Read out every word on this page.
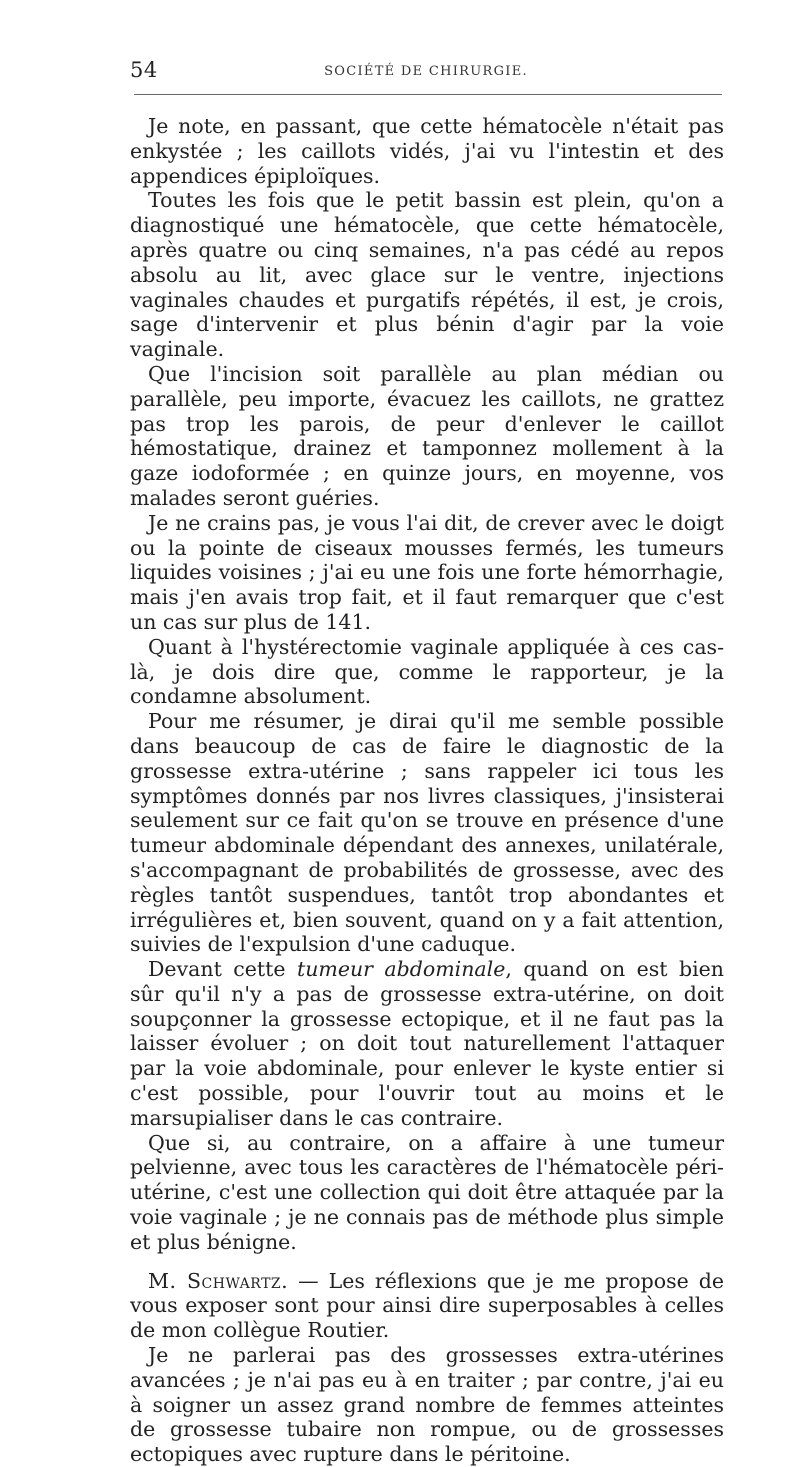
54	SOCIÉTÉ DE CHIRURGIE.

Je note, en passant, que cette hématocèle n'était pas enkystée ; les caillots vidés, j'ai vu l'intestin et des appendices épiploïques.

Toutes les fois que le petit bassin est plein, qu'on a diagnostiqué une hématocèle, que cette hématocèle, après quatre ou cinq semaines, n'a pas cédé au repos absolu au lit, avec glace sur le ventre, injections vaginales chaudes et purgatifs répétés, il est, je crois, sage d'intervenir et plus bénin d'agir par la voie vaginale.

Que l'incision soit parallèle au plan médian ou parallèle, peu importe, évacuez les caillots, ne grattez pas trop les parois, de peur d'enlever le caillot hémostatique, drainez et tamponnez mollement à la gaze iodoformée ; en quinze jours, en moyenne, vos malades seront guéries.

Je ne crains pas, je vous l'ai dit, de crever avec le doigt ou la pointe de ciseaux mousses fermés, les tumeurs liquides voisines ; j'ai eu une fois une forte hémorrhagie, mais j'en avais trop fait, et il faut remarquer que c'est un cas sur plus de 141.

Quant à l'hystérectomie vaginale appliquée à ces cas-là, je dois dire que, comme le rapporteur, je la condamne absolument.

Pour me résumer, je dirai qu'il me semble possible dans beaucoup de cas de faire le diagnostic de la grossesse extra-utérine ; sans rappeler ici tous les symptômes donnés par nos livres classiques, j'insisterai seulement sur ce fait qu'on se trouve en présence d'une tumeur abdominale dépendant des annexes, unilatérale, s'accompagnant de probabilités de grossesse, avec des règles tantôt suspendues, tantôt trop abondantes et irrégulières et, bien souvent, quand on y a fait attention, suivies de l'expulsion d'une caduque.

Devant cette tumeur abdominale, quand on est bien sûr qu'il n'y a pas de grossesse extra-utérine, on doit soupçonner la grossesse ectopique, et il ne faut pas la laisser évoluer ; on doit tout naturellement l'attaquer par la voie abdominale, pour enlever le kyste entier si c'est possible, pour l'ouvrir tout au moins et le marsupialiser dans le cas contraire.

Que si, au contraire, on a affaire à une tumeur pelvienne, avec tous les caractères de l'hématocèle péri-utérine, c'est une collection qui doit être attaquée par la voie vaginale ; je ne connais pas de méthode plus simple et plus bénigne.

M. Schwartz. — Les réflexions que je me propose de vous exposer sont pour ainsi dire superposables à celles de mon collègue Routier.

Je ne parlerai pas des grossesses extra-utérines avancées ; je n'ai pas eu à en traiter ; par contre, j'ai eu à soigner un assez grand nombre de femmes atteintes de grossesse tubaire non rompue, ou de grossesses ectopiques avec rupture dans le péritoine.
